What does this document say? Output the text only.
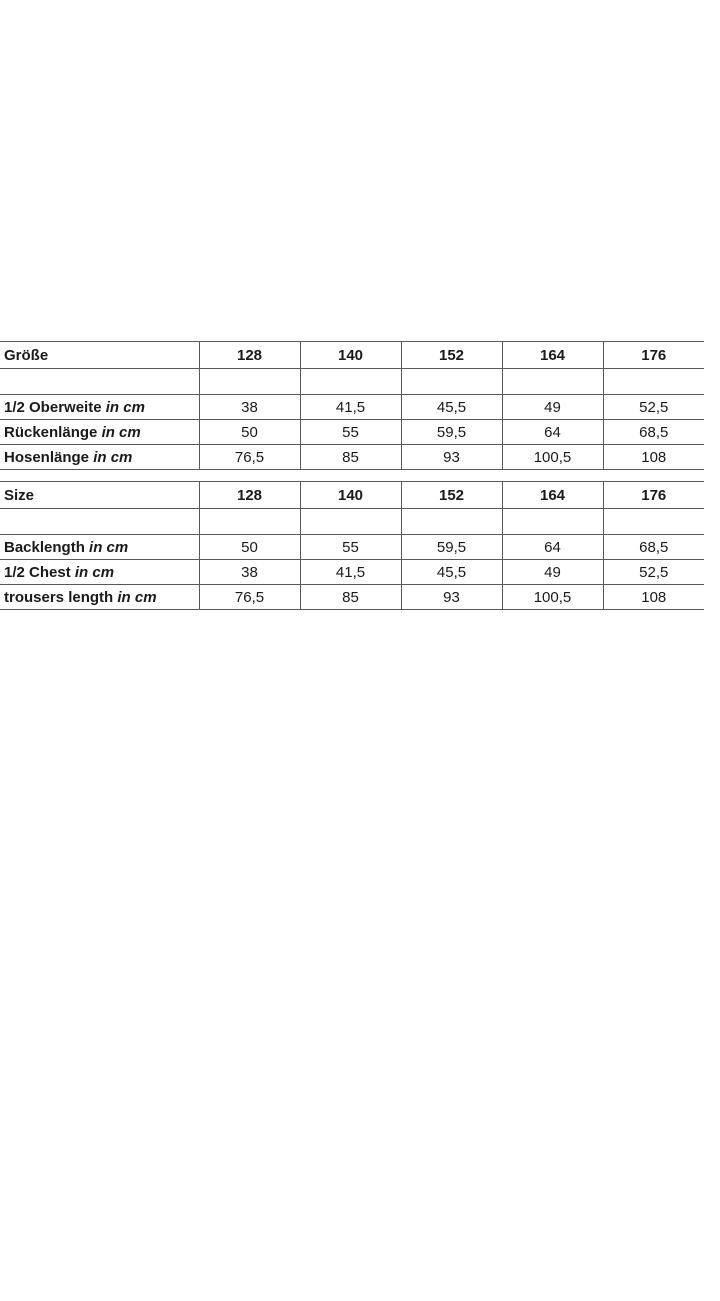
Größe	128	140	152	164	176

1/2 Oberweite in cm	38	41,5	45,5	49	52,5
Rückenlänge in cm	50	55	59,5	64	68,5
Hosenlänge in cm	76,5	85	93	100,5	108
Size	128	140	152	164	176

Backlength in cm	50	55	59,5	64	68,5
1/2 Chest in cm	38	41,5	45,5	49	52,5
trousers length in cm	76,5	85	93	100,5	108
